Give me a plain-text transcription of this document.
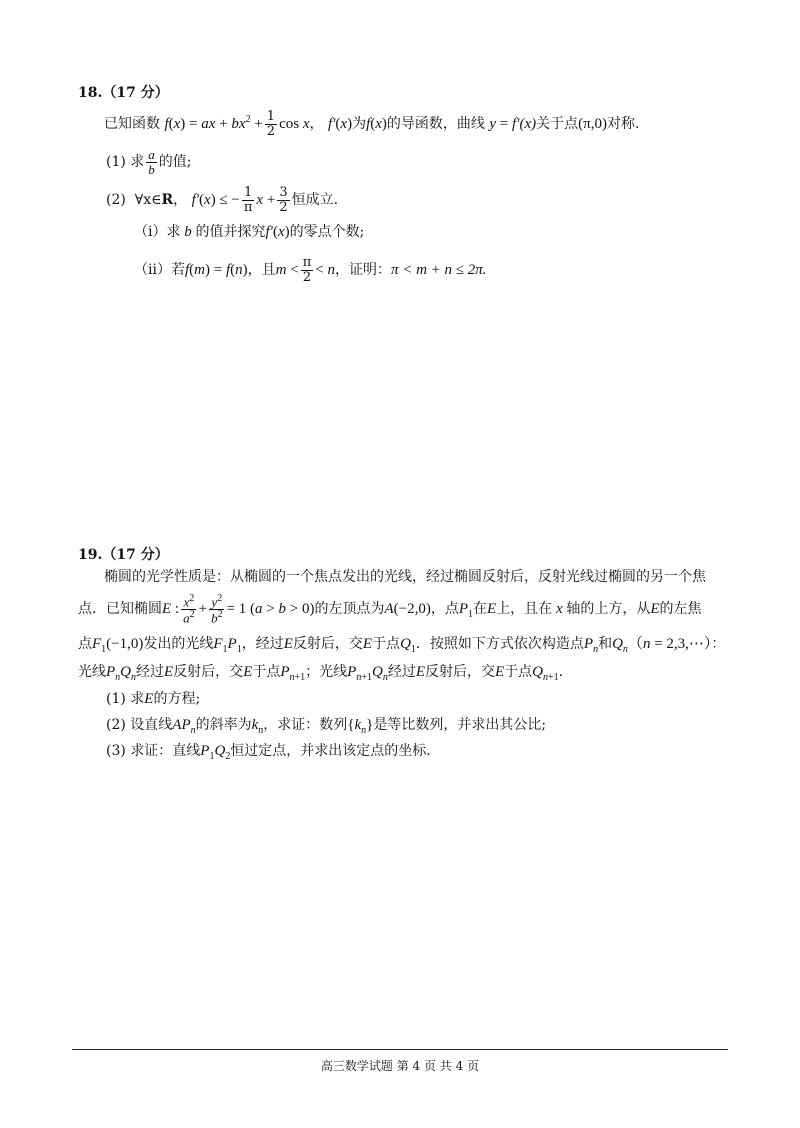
18.（17 分）
已知函数 f(x) = ax + $bx^2 + \frac{1}{2}$ cos x， f′(x)为f(x)的导函数，曲线 y = f′(x)关于点(π,0)对称.
(1) 求 $\frac{a}{b}$ 的值;
(2) ∀x∈R， f′(x) ≤ − $\frac{1}{\pi}$ $x + \frac{3}{2}$ 恒成立.
（ⅰ）求 b 的值并探究f′(x)的零点个数;
（ⅱ）若f(m) = f(n)，且$m < \frac{\pi}{2} < n$，证明：π < m + n ≤ 2π.
19.（17 分）
椭圆的光学性质是：从椭圆的一个焦点发出的光线，经过椭圆反射后，反射光线过椭圆的另一个焦
点．已知椭圆E : $\frac{x^2}{a^2} + \frac{y^2}{b^2} = 1$ (a > b > 0)的左顶点为A(−2,0)，点$P_1$在E上，且在 x 轴的上方，从E的左焦
点$F_1(-1,0)$发出的光线$F_1P_1$，经过E反射后，交E于点$Q_1$．按照如下方式依次构造点$P_n$和$Q_n(n$ = 2,3,⋯）：
光线$P_nQ_n$经过E反射后，交E于点$P_{n+1}$；光线$P_{n+1}Q_n$经过E反射后，交E于点$Q_{n+1}$．
(1) 求E的方程;
(2) 设直线$AP_n$的斜率为$k_n$，求证：数列$\{k_n\}$是等比数列，并求出其公比;
(3) 求证：直线$P_1Q_2$恒过定点，并求出该定点的坐标.
高三数学试题 第 4 页 共 4 页
